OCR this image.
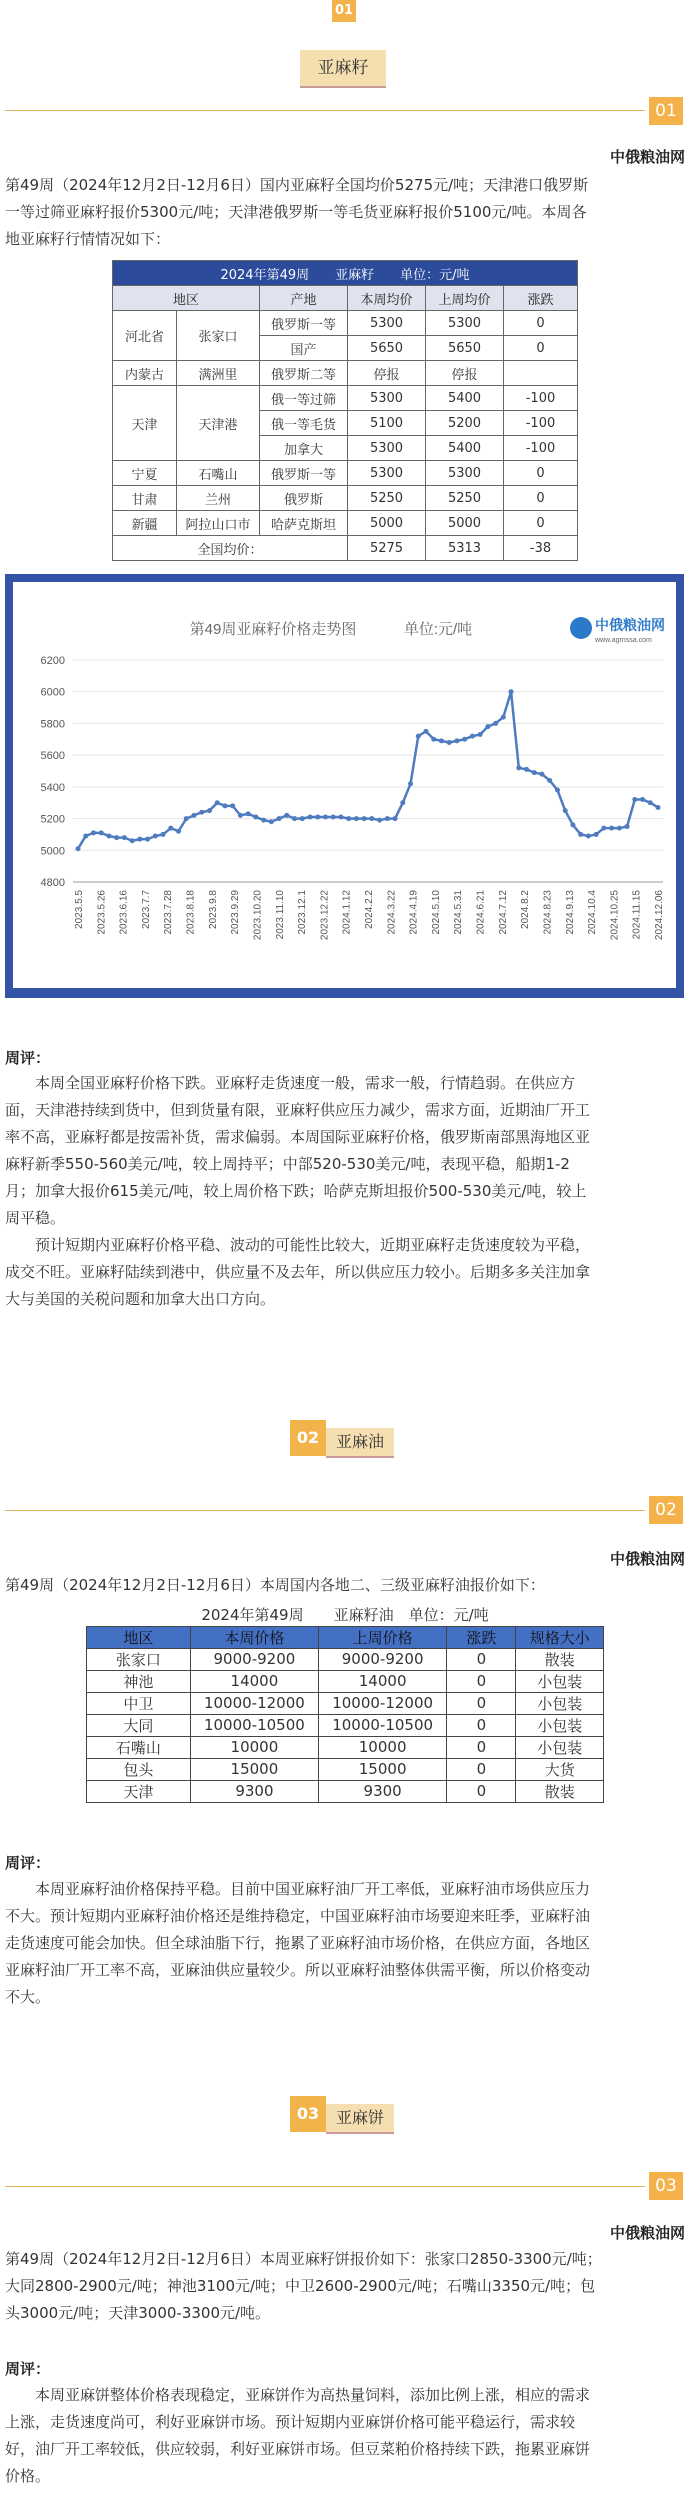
01
亚麻籽
01
中俄粮油网
第49周（2024年12月2日-12月6日）国内亚麻籽全国均价5275元/吨；天津港口俄罗斯
一等过筛亚麻籽报价5300元/吨；天津港俄罗斯一等毛货亚麻籽报价5100元/吨。本周各
地亚麻籽行情情况如下：
2024年第49周　　亚麻籽　　单位：元/吨					
地区		产地	本周均价	上周均价	涨跌
河北省	张家口	俄罗斯一等	5300	5300	0
		国产	5650	5650	0
内蒙古	满洲里	俄罗斯二等	停报	停报	
天津	天津港	俄一等过筛	5300	5400	-100
		俄一等毛货	5100	5200	-100
		加拿大	5300	5400	-100
宁夏	石嘴山	俄罗斯一等	5300	5300	0
甘肃	兰州	俄罗斯	5250	5250	0
新疆	阿拉山口市	哈萨克斯坦	5000	5000	0
全国均价：			5275	5313	-38
第49周亚麻籽价格走势图	单位:元/吨	中俄粮油网
www.agrnssa.com
4800
5000
5200
5400
5600
5800
6000
6200
2023.5.5 2023.5.26 2023.6.16 2023.7.7 2023.7.28 2023.8.18 2023.9.8 2023.9.29 2023.10.20 2023.11.10 2023.12.1 2023.12.22 2024.1.12 2024.2.2 2024.3.22 2024.4.19 2024.5.10 2024.5.31 2024.6.21 2024.7.12 2024.8.2 2024.8.23 2024.9.13 2024.10.4 2024.10.25 2024.11.15 2024.12.06
周评：
　　本周全国亚麻籽价格下跌。亚麻籽走货速度一般，需求一般，行情趋弱。在供应方
面，天津港持续到货中，但到货量有限，亚麻籽供应压力减少，需求方面，近期油厂开工
率不高，亚麻籽都是按需补货，需求偏弱。本周国际亚麻籽价格，俄罗斯南部黑海地区亚
麻籽新季550-560美元/吨，较上周持平；中部520-530美元/吨，表现平稳，船期1-2
月；加拿大报价615美元/吨，较上周价格下跌；哈萨克斯坦报价500-530美元/吨，较上
周平稳。
　　预计短期内亚麻籽价格平稳、波动的可能性比较大，近期亚麻籽走货速度较为平稳，
成交不旺。亚麻籽陆续到港中，供应量不及去年，所以供应压力较小。后期多多关注加拿
大与美国的关税问题和加拿大出口方向。
02	亚麻油
02
中俄粮油网
第49周（2024年12月2日-12月6日）本周国内各地二、三级亚麻籽油报价如下：
2024年第49周　　亚麻籽油　单位：元/吨				
地区	本周价格	上周价格	涨跌	规格大小
张家口	9000-9200	9000-9200	0	散装
神池	14000	14000	0	小包装
中卫	10000-12000	10000-12000	0	小包装
大同	10000-10500	10000-10500	0	小包装
石嘴山	10000	10000	0	小包装
包头	15000	15000	0	大货
天津	9300	9300	0	散装
周评：
　　本周亚麻籽油价格保持平稳。目前中国亚麻籽油厂开工率低，亚麻籽油市场供应压力
不大。预计短期内亚麻籽油价格还是维持稳定，中国亚麻籽油市场要迎来旺季，亚麻籽油
走货速度可能会加快。但全球油脂下行，拖累了亚麻籽油市场价格，在供应方面，各地区
亚麻籽油厂开工率不高，亚麻油供应量较少。所以亚麻籽油整体供需平衡，所以价格变动
不大。
03	亚麻饼
03
中俄粮油网
第49周（2024年12月2日-12月6日）本周亚麻籽饼报价如下：张家口2850-3300元/吨；
大同2800-2900元/吨；神池3100元/吨；中卫2600-2900元/吨；石嘴山3350元/吨；包
头3000元/吨；天津3000-3300元/吨。
周评：
　　本周亚麻饼整体价格表现稳定，亚麻饼作为高热量饲料，添加比例上涨，相应的需求
上涨，走货速度尚可，利好亚麻饼市场。预计短期内亚麻饼价格可能平稳运行，需求较
好，油厂开工率较低，供应较弱，利好亚麻饼市场。但豆菜粕价格持续下跌，拖累亚麻饼
价格。
